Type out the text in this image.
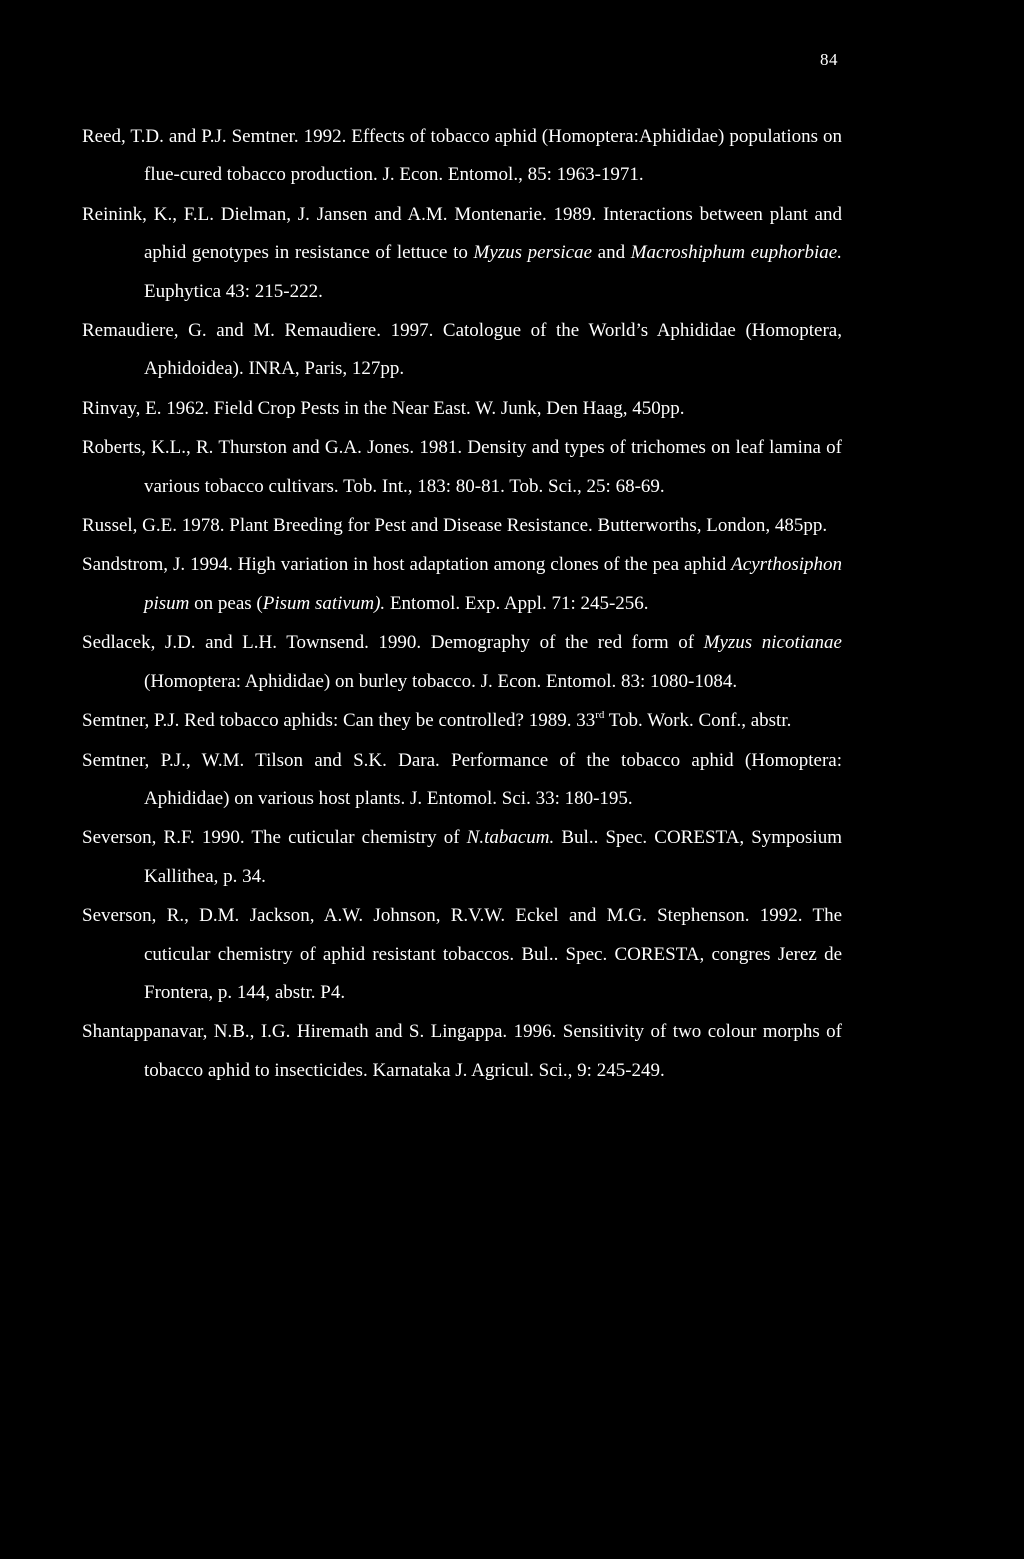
84

Reed, T.D. and P.J. Semtner. 1992. Effects of tobacco aphid (Homoptera:Aphididae) populations on flue-cured tobacco production. J. Econ. Entomol., 85: 1963-1971.

Reinink, K., F.L. Dielman, J. Jansen and A.M. Montenarie. 1989. Interactions between plant and aphid genotypes in resistance of lettuce to Myzus persicae and Macroshiphum euphorbiae. Euphytica 43: 215-222.

Remaudiere, G. and M. Remaudiere. 1997. Catologue of the World’s Aphididae (Homoptera, Aphidoidea). INRA, Paris, 127pp.

Rinvay, E. 1962. Field Crop Pests in the Near East. W. Junk, Den Haag, 450pp.

Roberts, K.L., R. Thurston and G.A. Jones. 1981. Density and types of trichomes on leaf lamina of various tobacco cultivars. Tob. Int., 183: 80-81. Tob. Sci., 25: 68-69.

Russel, G.E. 1978. Plant Breeding for Pest and Disease Resistance. Butterworths, London, 485pp.

Sandstrom, J. 1994. High variation in host adaptation among clones of the pea aphid Acyrthosiphon pisum on peas (Pisum sativum). Entomol. Exp. Appl. 71: 245-256.

Sedlacek, J.D. and L.H. Townsend. 1990. Demography of the red form of Myzus nicotianae (Homoptera: Aphididae) on burley tobacco. J. Econ. Entomol. 83: 1080-1084.

Semtner, P.J. Red tobacco aphids: Can they be controlled? 1989. 33rd Tob. Work. Conf., abstr.

Semtner, P.J., W.M. Tilson and S.K. Dara. Performance of the tobacco aphid (Homoptera: Aphididae) on various host plants. J. Entomol. Sci. 33: 180-195.

Severson, R.F. 1990. The cuticular chemistry of N.tabacum. Bul.. Spec. CORESTA, Symposium Kallithea, p. 34.

Severson, R., D.M. Jackson, A.W. Johnson, R.V.W. Eckel and M.G. Stephenson. 1992. The cuticular chemistry of aphid resistant tobaccos. Bul.. Spec. CORESTA, congres Jerez de Frontera, p. 144, abstr. P4.

Shantappanavar, N.B., I.G. Hiremath and S. Lingappa. 1996. Sensitivity of two colour morphs of tobacco aphid to insecticides. Karnataka J. Agricul. Sci., 9: 245-249.
